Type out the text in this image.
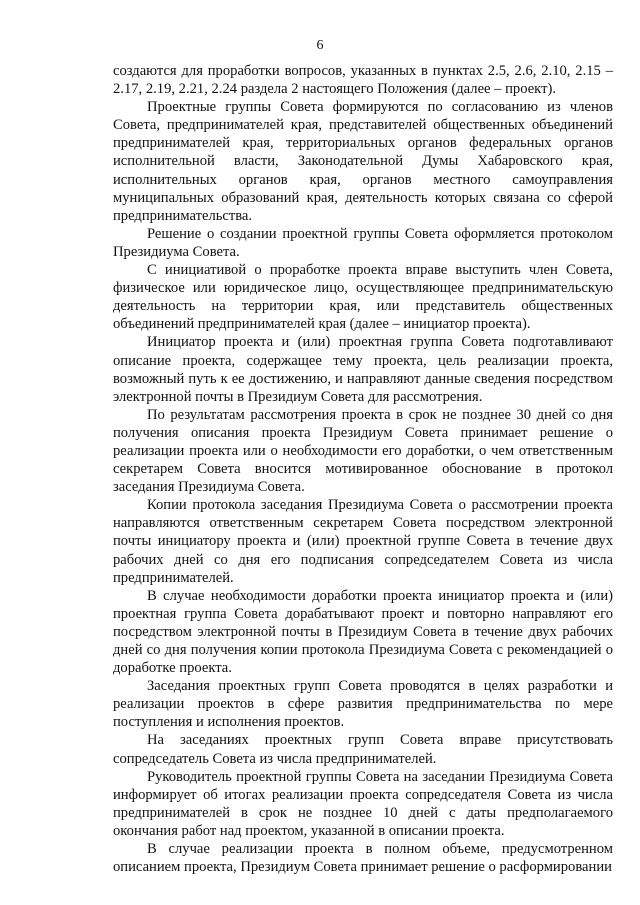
6

создаются для проработки вопросов, указанных в пунктах 2.5, 2.6, 2.10, 2.15 – 2.17, 2.19, 2.21, 2.24 раздела 2 настоящего Положения (далее – проект).

Проектные группы Совета формируются по согласованию из членов Совета, предпринимателей края, представителей общественных объединений предпринимателей края, территориальных органов федеральных органов исполнительной власти, Законодательной Думы Хабаровского края, исполнительных органов края, органов местного самоуправления муниципальных образований края, деятельность которых связана со сферой предпринимательства.

Решение о создании проектной группы Совета оформляется протоколом Президиума Совета.

С инициативой о проработке проекта вправе выступить член Совета, физическое или юридическое лицо, осуществляющее предпринимательскую деятельность на территории края, или представитель общественных объединений предпринимателей края (далее – инициатор проекта).

Инициатор проекта и (или) проектная группа Совета подготавливают описание проекта, содержащее тему проекта, цель реализации проекта, возможный путь к ее достижению, и направляют данные сведения посредством электронной почты в Президиум Совета для рассмотрения.

По результатам рассмотрения проекта в срок не позднее 30 дней со дня получения описания проекта Президиум Совета принимает решение о реализации проекта или о необходимости его доработки, о чем ответственным секретарем Совета вносится мотивированное обоснование в протокол заседания Президиума Совета.

Копии протокола заседания Президиума Совета о рассмотрении проекта направляются ответственным секретарем Совета посредством электронной почты инициатору проекта и (или) проектной группе Совета в течение двух рабочих дней со дня его подписания сопредседателем Совета из числа предпринимателей.

В случае необходимости доработки проекта инициатор проекта и (или) проектная группа Совета дорабатывают проект и повторно направляют его посредством электронной почты в Президиум Совета в течение двух рабочих дней со дня получения копии протокола Президиума Совета с рекомендацией о доработке проекта.

Заседания проектных групп Совета проводятся в целях разработки и реализации проектов в сфере развития предпринимательства по мере поступления и исполнения проектов.

На заседаниях проектных групп Совета вправе присутствовать сопредседатель Совета из числа предпринимателей.

Руководитель проектной группы Совета на заседании Президиума Совета информирует об итогах реализации проекта сопредседателя Совета из числа предпринимателей в срок не позднее 10 дней с даты предполагаемого окончания работ над проектом, указанной в описании проекта.

В случае реализации проекта в полном объеме, предусмотренном описанием проекта, Президиум Совета принимает решение о расформировании
